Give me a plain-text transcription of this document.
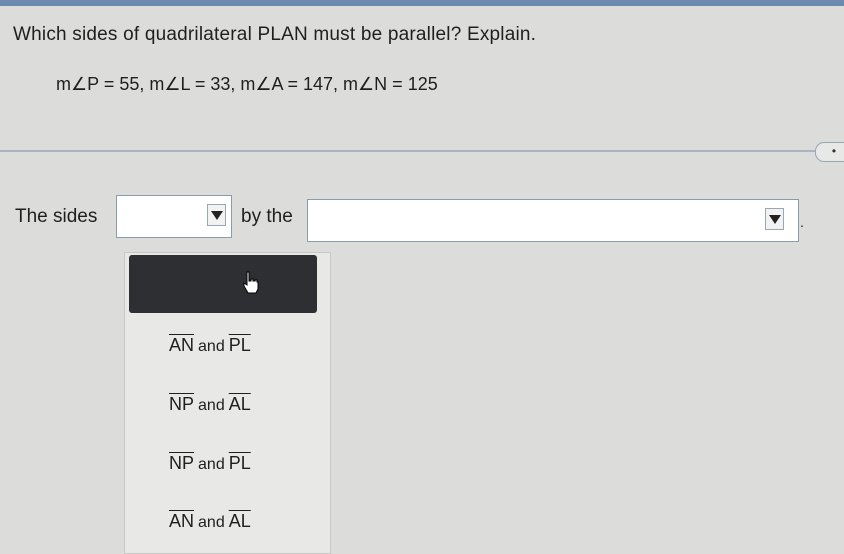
Which sides of quadrilateral PLAN must be parallel? Explain.
m∠P = 55, m∠L = 33, m∠A = 147, m∠N = 125
•
The sides	by the	.
$\overline{AN}$ and $\overline{PL}$
$\overline{NP}$ and $\overline{AL}$
$\overline{NP}$ and $\overline{PL}$
$\overline{AN}$ and $\overline{AL}$
